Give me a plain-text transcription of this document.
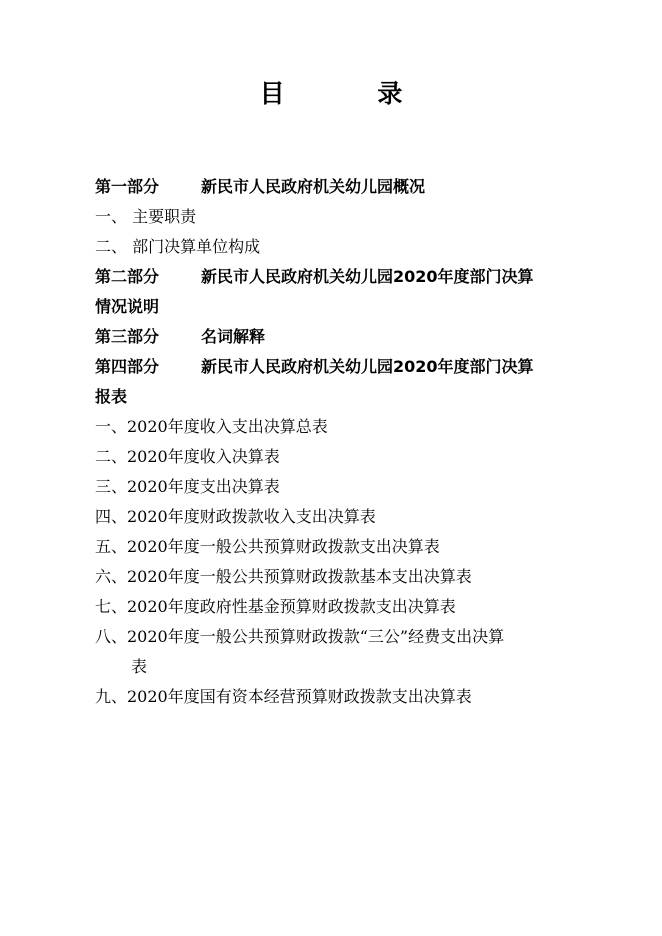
目 录
第一部分	新民市人民政府机关幼儿园概况
一、 主要职责
二、 部门决算单位构成
第二部分	新民市人民政府机关幼儿园2020年度部门决算
情况说明
第三部分	名词解释
第四部分	新民市人民政府机关幼儿园2020年度部门决算
报表
一、2020年度收入支出决算总表
二、2020年度收入决算表
三、2020年度支出决算表
四、2020年度财政拨款收入支出决算表
五、2020年度一般公共预算财政拨款支出决算表
六、2020年度一般公共预算财政拨款基本支出决算表
七、2020年度政府性基金预算财政拨款支出决算表
八、2020年度一般公共预算财政拨款“三公”经费支出决算
表
九、2020年度国有资本经营预算财政拨款支出决算表
